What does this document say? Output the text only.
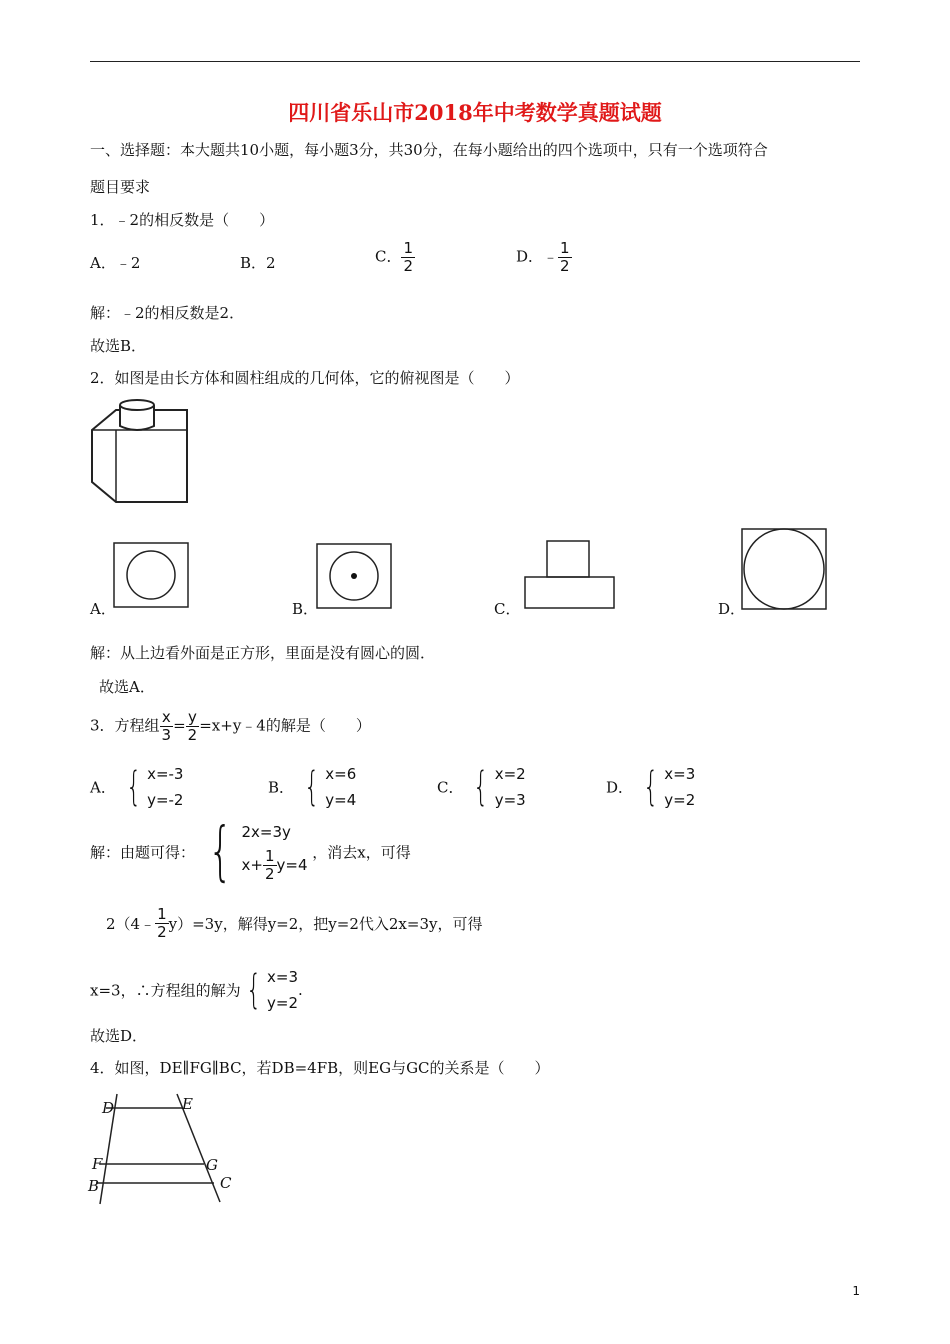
四川省乐山市2018年中考数学真题试题
一、选择题：本大题共10小题，每小题3分，共30分，在每小题给出的四个选项中，只有一个选项符合
题目要求
1．﹣2的相反数是（　　）
A．﹣2	B．2	C． $\frac{1}{2}$	D．﹣ $\frac{1}{2}$
解：﹣2的相反数是2．
故选B．
2．如图是由长方体和圆柱组成的几何体，它的俯视图是（　　）
A．	B．	C．	D．
解：从上边看外面是正方形，里面是没有圆心的圆．
故选A．
3．方程组 $\frac{x}{3} = \frac{y}{2}$ =x+y﹣4的解是（　　）
A． { x=-3
y=-2
B． { x=6
y=4
C． { x=2
y=3
D． { x=3
y=2
解：由题可得： { 2x=3y
$x+ \frac{1}{2} y=4$
，消去x，可得
2（4﹣ $\frac{1}{2} y)=3y$，解得y=2，把y=2代入2x=3y，可得
x=3，∴方程组的解为 { x=3
y=2
.
故选D．
4．如图，DE∥FG∥BC，若DB=4FB，则EG与GC的关系是（　　）
D	E
F	G
B	C
1
